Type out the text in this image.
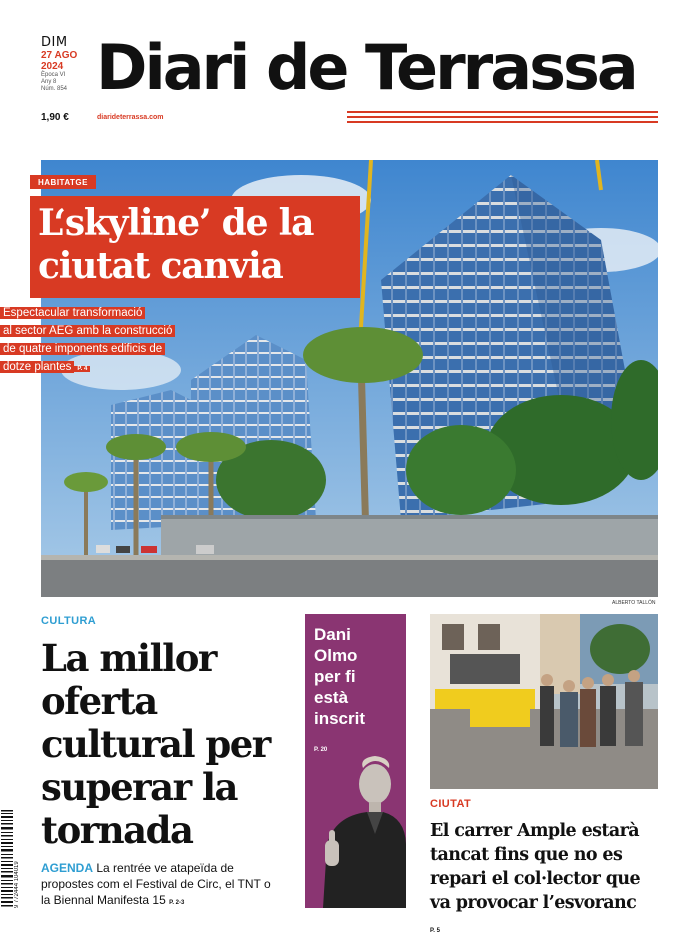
DIM
27 AGO
2024
Època VI
Any 8
Núm. 854
1,90 €
Diari de Terrassa
diarideterrassa.com
ALBERTO TALLÓN
HABITATGE
L‘skyline’ de la
ciutat canvia
Espectacular transformació
al sector AEG amb la construcció
de quatre imponents edificis de
dotze plantes P. 4
CULTURA
La millor
oferta
cultural per
superar la
tornada
AGENDA La rentrée ve atapeïda de propostes com el Festival de Circ, el TNT o la Biennal Manifesta 15 P. 2-3
9 772444 104019
Dani
Olmo
per fi
està
inscrit
P. 20
CIUTAT
El carrer Ample estarà
tancat fins que no es
repari el col·lector que
va provocar l’esvoranc
P. 5
